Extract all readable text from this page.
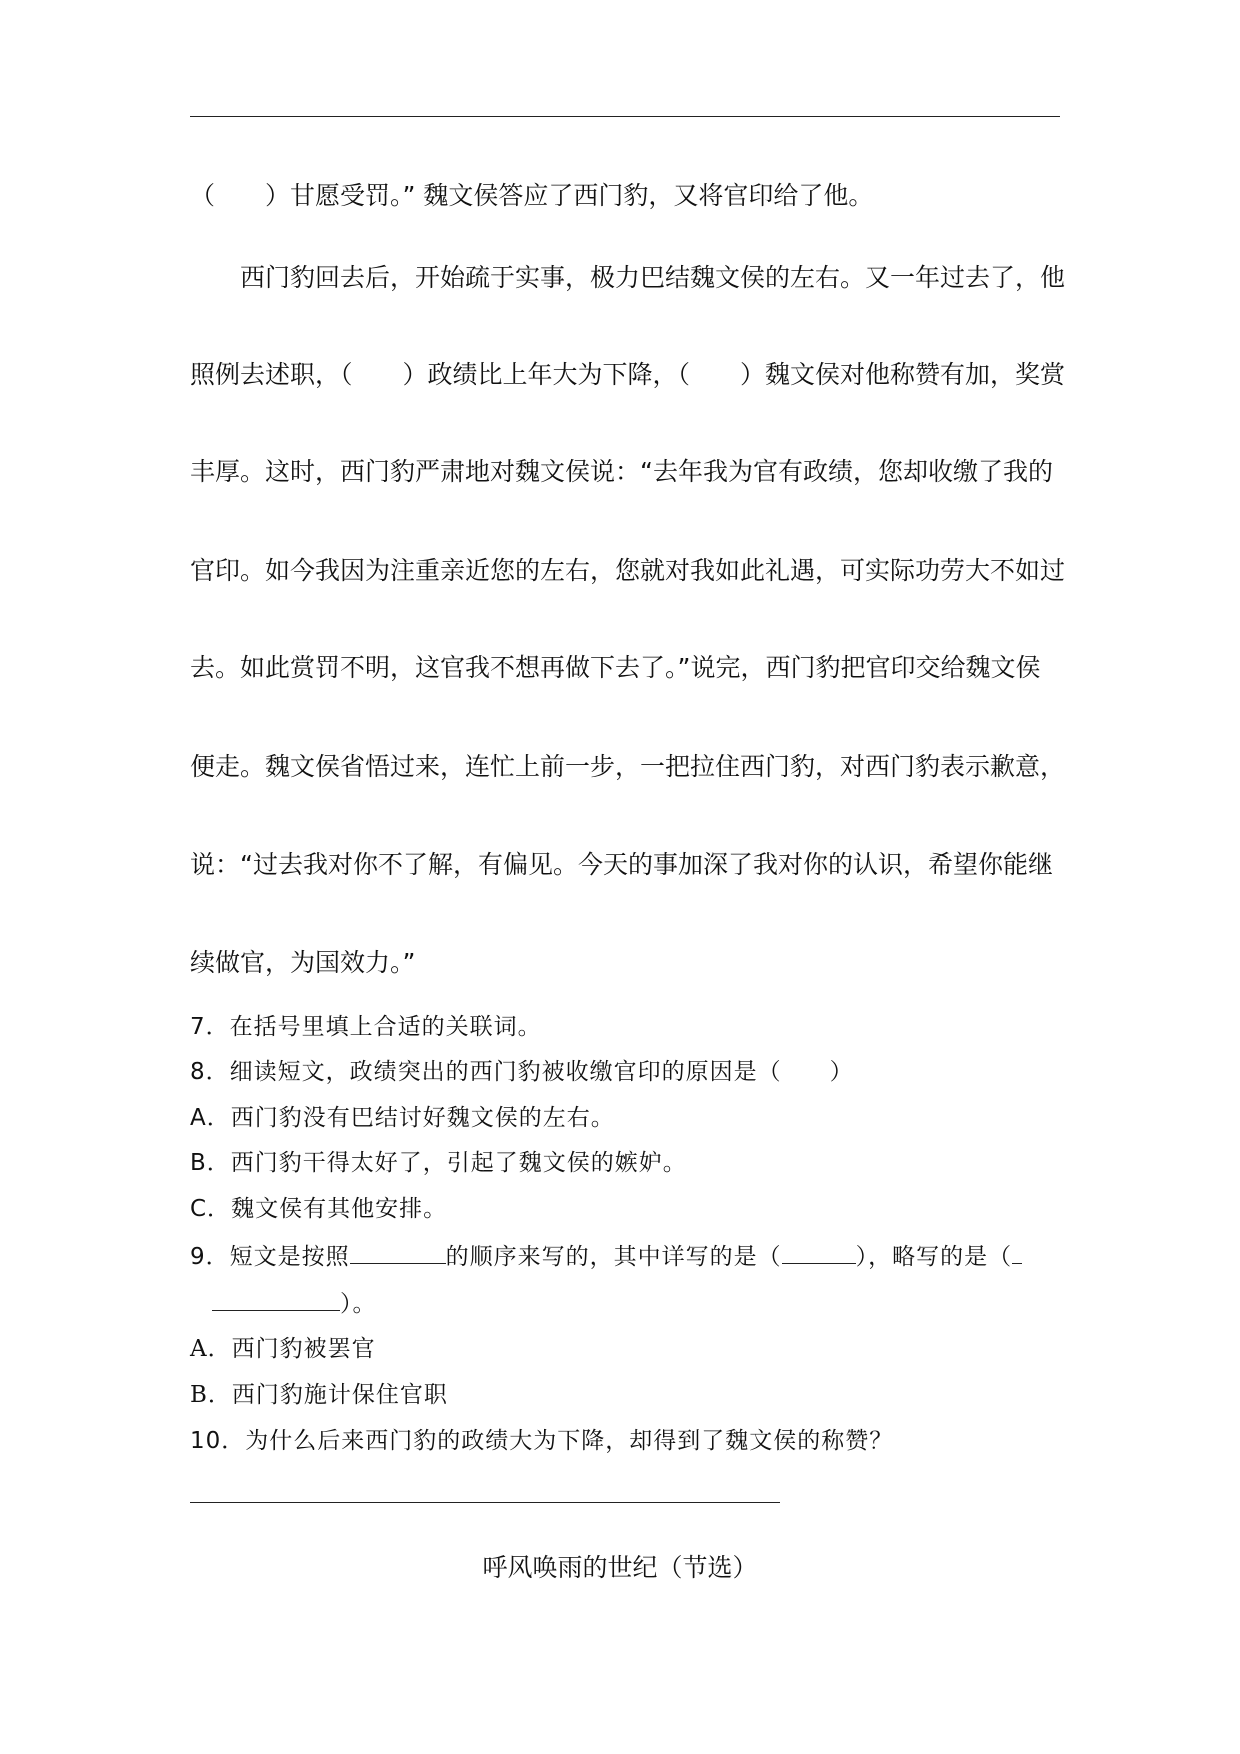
（　　）甘愿受罚。” 魏文侯答应了西门豹，又将官印给了他。
　　西门豹回去后，开始疏于实事，极力巴结魏文侯的左右。又一年过去了，他
照例去述职，（　　）政绩比上年大为下降，（　　）魏文侯对他称赞有加，奖赏
丰厚。这时，西门豹严肃地对魏文侯说：“去年我为官有政绩，您却收缴了我的
官印。如今我因为注重亲近您的左右，您就对我如此礼遇，可实际功劳大不如过
去。如此赏罚不明，这官我不想再做下去了。”说完，西门豹把官印交给魏文侯
便走。魏文侯省悟过来，连忙上前一步，一把拉住西门豹，对西门豹表示歉意，
说：“过去我对你不了解，有偏见。今天的事加深了我对你的认识，希望你能继
续做官，为国效力。”
7．在括号里填上合适的关联词。
8．细读短文，政绩突出的西门豹被收缴官印的原因是（　　）
A．西门豹没有巴结讨好魏文侯的左右。
B．西门豹干得太好了，引起了魏文侯的嫉妒。
C．魏文侯有其他安排。
9．短文是按照	的顺序来写的，其中详写的是（	），略写的是（
）。
A．西门豹被罢官
B．西门豹施计保住官职
10．为什么后来西门豹的政绩大为下降，却得到了魏文侯的称赞？
呼风唤雨的世纪（节选）
